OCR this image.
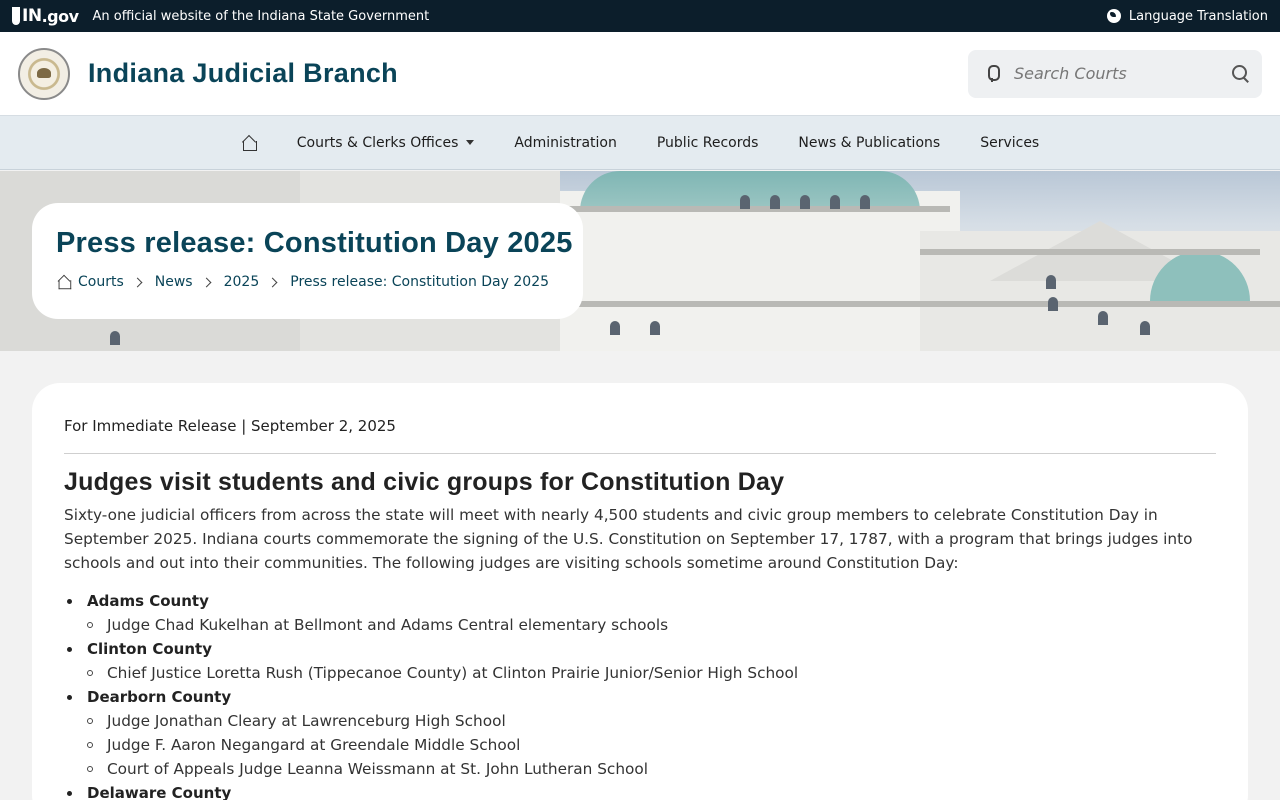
IN .gov An official website of the Indiana State Government	Language Translation
Indiana Judicial Branch
Search Courts
Courts & Clerks Offices	Administration	Public Records	News & Publications	Services
Press release: Constitution Day 2025
Courts News 2025 Press release: Constitution Day 2025
For Immediate Release | September 2, 2025
Judges visit students and civic groups for Constitution Day

Sixty-one judicial officers from across the state will meet with nearly 4,500 students and civic group members to celebrate Constitution Day in September 2025. Indiana courts commemorate the signing of the U.S. Constitution on September 17, 1787, with a program that brings judges into schools and out into their communities. The following judges are visiting schools sometime around Constitution Day:

Adams County
Judge Chad Kukelhan at Bellmont and Adams Central elementary schools
Clinton County
Chief Justice Loretta Rush (Tippecanoe County) at Clinton Prairie Junior/Senior High School
Dearborn County
Judge Jonathan Cleary at Lawrenceburg High School
Judge F. Aaron Negangard at Greendale Middle School
Court of Appeals Judge Leanna Weissmann at St. John Lutheran School
Delaware County
